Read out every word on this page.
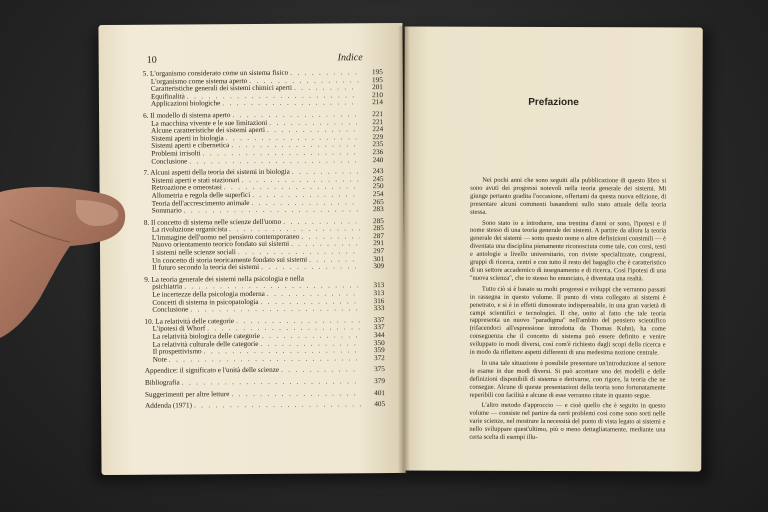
10	Indice
5. L'organismo considerato come un sistema fisico . . .	195
L'organismo come sistema aperto . . .	195
Caratteristiche generali dei sistemi chimici aperti . . .	201
Equifinalità . . .	210
Applicazioni biologiche . . .	214
6. Il modello di sistema aperto . . .	221
La macchina vivente e le sue limitazioni . . .	221
Alcune caratteristiche dei sistemi aperti . . .	224
Sistemi aperti in biologia . . .	229
Sistemi aperti e cibernetica . . .	235
Problemi irrisolti . . .	236
Conclusione . . .	240
7. Alcuni aspetti della teoria dei sistemi in biologia . . .	243
Sistemi aperti e stati stazionari . . .	245
Retroazione e omeostasi . . .	250
Allometria e regola delle superfici . . .	254
Teoria dell'accrescimento animale . . .	265
Sommario . . .	283
8. Il concetto di sistema nelle scienze dell'uomo . . .	285
La rivoluzione organicista . . .	285
L'immagine dell'uomo nel pensiero contemporaneo . . .	287
Nuovo orientamento teorico fondato sui sistemi . . .	291
I sistemi nelle scienze sociali . . .	297
Un concetto di storia teoricamente fondato sui sistemi . . .	301
Il futuro secondo la teoria dei sistemi . . .	309
9. La teoria generale dei sistemi nella psicologia e nella
psichiatria . . .	313
Le incertezze della psicologia moderna . . .	313
Concetti di sistema in psicopatologia . . .	316
Conclusione . . .	333
10. La relatività delle categorie . . .	337
L'ipotesi di Whorf . . .	337
La relatività biologica delle categorie . . .	344
La relatività culturale delle categorie . . .	350
Il prospettivismo . . .	359
Note . . .	372
Appendice: il significato e l'unità delle scienze . . .	375
Bibliografia . . .	379
Suggerimenti per altre letture . . .	401
Addenda (1971) . . .	405
Prefazione

Nei pochi anni che sono seguiti alla pubblicazione di questo libro si sono avuti dei progressi notevoli nella teoria generale dei sistemi. Mi giunge pertanto gradita l'occasione, offertami da questa nuova edizione, di presentare alcuni commenti basandomi sullo stato attuale della teoria stessa.

Sono stato io a introdurre, una trentina d'anni or sono, l'ipotesi e il nome stesso di una teoria generale dei sistemi. A partire da allora la teoria generale dei sistemi — sotto questo nome o altre definizioni consimili — è diventata una disciplina pienamente riconosciuta come tale, con corsi, testi e antologie a livello universitario, con riviste specializzate, congressi, gruppi di ricerca, centri e con tutto il resto del bagaglio che è caratteristico di un settore accademico di insegnamento e di ricerca. Così l'ipotesi di una "nuova scienza", che io stesso ho enunciato, è diventata una realtà.

Tutto ciò si è basato su molti progressi e sviluppi che verranno passati in rassegna in questo volume. Il punto di vista collegato ai sistemi è penetrato, e si è in effetti dimostrato indispensabile, in una gran varietà di campi scientifici e tecnologici. Il che, unito al fatto che tale teoria rappresenta un nuovo "paradigma" nell'ambito del pensiero scientifico (rifacendoci all'espressione introdotta da Thomas Kuhn), ha come conseguenza che il concetto di sistema può essere definito e venire sviluppato in modi diversi, così com'è richiesto dagli scopi della ricerca e in modo da riflettere aspetti differenti di una medesima nozione centrale.

In una tale situazione è possibile presentare un'introduzione al settore in esame in due modi diversi. Si può accettare uno dei modelli e delle definizioni disponibili di sistema e derivarne, con rigore, la teoria che ne consegue. Alcune di queste presentazioni della teoria sono fortunatamente reperibili con facilità e alcune di esse verranno citate in quanto segue.

L'altro metodo d'approccio — e cioè quello che è seguito in questo volume — consiste nel partire da certi problemi così come sono sorti nelle varie scienze, nel mostrare la necessità del punto di vista legato ai sistemi e nello sviluppare quest'ultimo, più o meno dettagliatamente, mediante una certa scelta di esempi illu-
